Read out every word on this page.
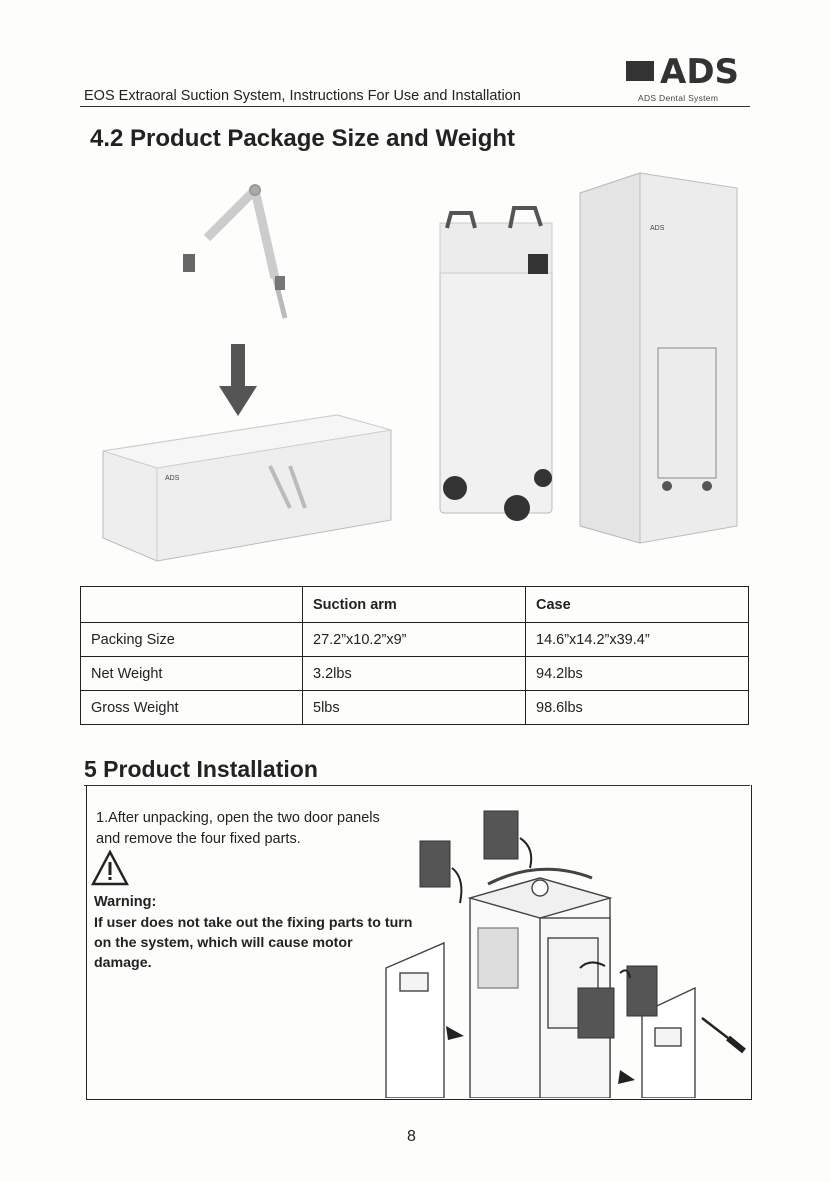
ADS
ADS Dental System
EOS Extraoral Suction System, Instructions For Use and Installation
4.2 Product Package Size and Weight
ADS
ADS
	Suction arm	Case
Packing Size	27.2”x10.2”x9”	14.6”x14.2”x39.4”
Net Weight	3.2lbs	94.2lbs
Gross Weight	5lbs	98.6lbs
5 Product Installation
1.After unpacking, open the two door panels and remove the four fixed parts.
Warning:
If user does not take out the fixing parts to turn on the system, which will cause motor damage.
8
